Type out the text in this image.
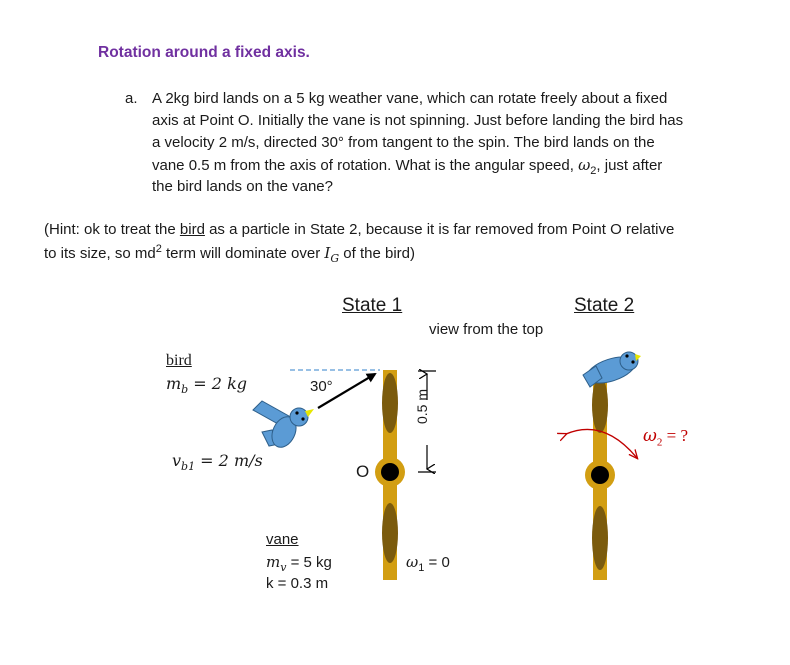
Rotation around a fixed axis.
a. A 2kg bird lands on a 5 kg weather vane, which can rotate freely about a fixed
axis at Point O. Initially the vane is not spinning. Just before landing the bird has
a velocity 2 m/s, directed 30° from tangent to the spin. The bird lands on the
vane 0.5 m from the axis of rotation. What is the angular speed, $\omega_2$, just after
the bird lands on the vane?
(Hint: ok to treat the bird as a particle in State 2, because it is far removed from Point O relative
to its size, so $md^2$ term will dominate over $I_G$ of the bird)
State 1	State 2
view from the top
bird
$m_b = 2$ kg	30°
$v_{b1} = 2$ m/s
O
0.5 m
vane
$m_v = 5$ kg
k = 0.3 m
$\omega_1 = 0$
$\omega_2$ = ?
